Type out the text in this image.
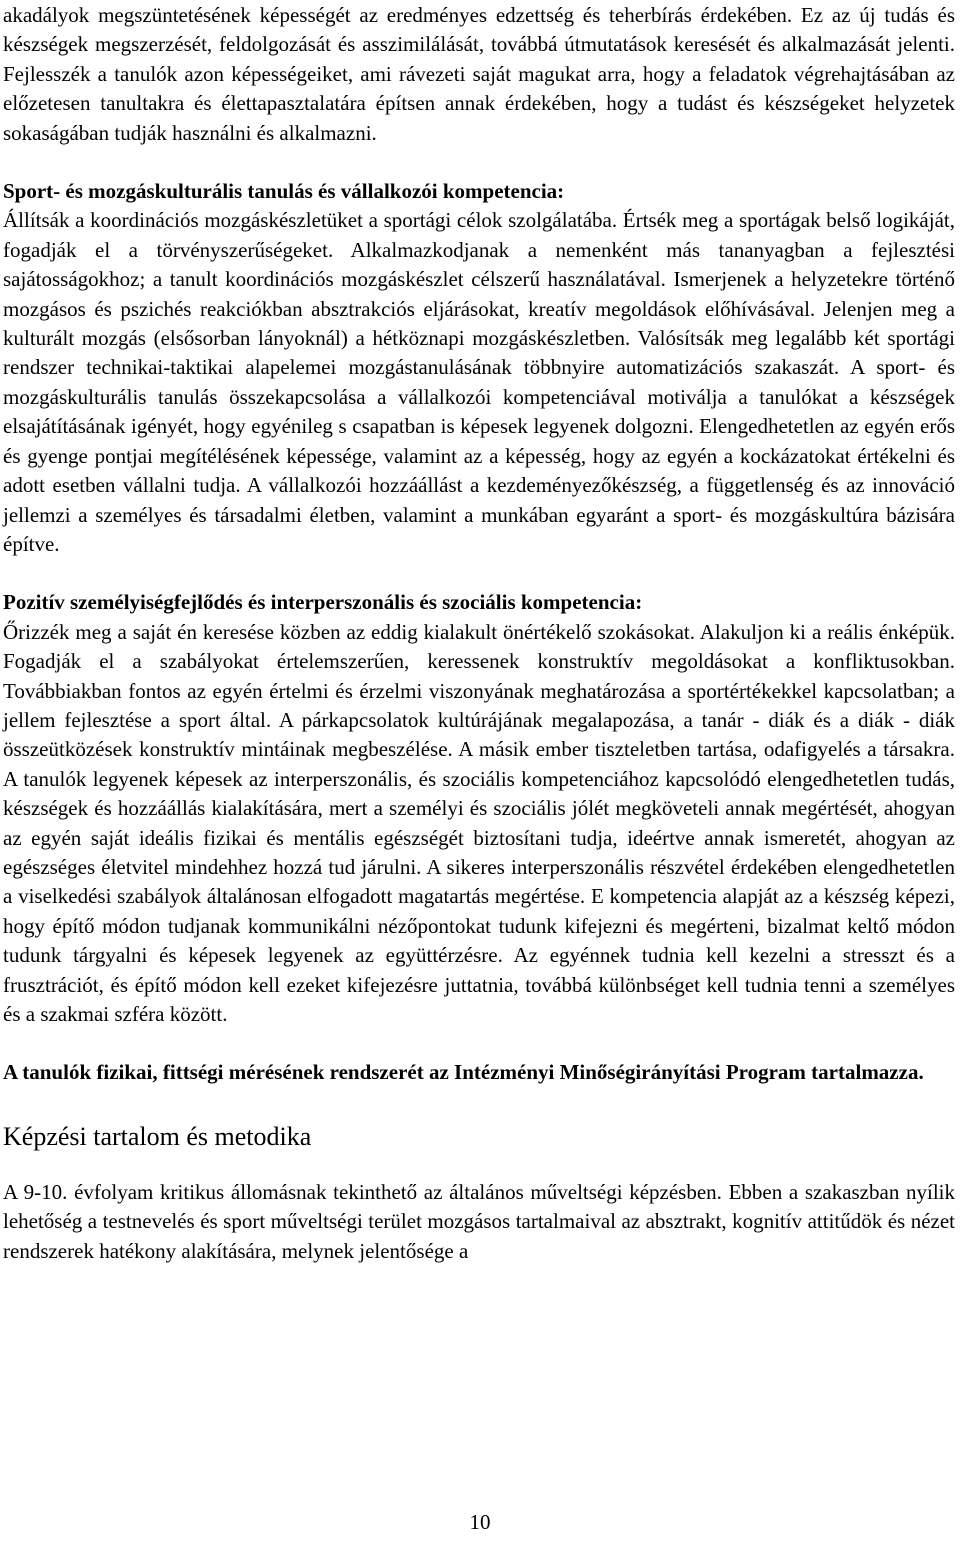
akadályok megszüntetésének képességét az eredményes edzettség és teherbírás érdekében. Ez az új tudás és készségek megszerzését, feldolgozását és asszimilálását, továbbá útmutatások keresését és alkalmazását jelenti. Fejlesszék a tanulók azon képességeiket, ami rávezeti saját magukat arra, hogy a feladatok végrehajtásában az előzetesen tanultakra és élettapasztalatára építsen annak érdekében, hogy a tudást és készségeket helyzetek sokaságában tudják használni és alkalmazni.

Sport- és mozgáskulturális tanulás és vállalkozói kompetencia:

Állítsák a koordinációs mozgáskészletüket a sportági célok szolgálatába. Értsék meg a sportágak belső logikáját, fogadják el a törvényszerűségeket. Alkalmazkodjanak a nemenként más tananyagban a fejlesztési sajátosságokhoz; a tanult koordinációs mozgáskészlet célszerű használatával. Ismerjenek a helyzetekre történő mozgásos és pszichés reakciókban absztrakciós eljárásokat, kreatív megoldások előhívásával. Jelenjen meg a kulturált mozgás (elsősorban lányoknál) a hétköznapi mozgáskészletben. Valósítsák meg legalább két sportági rendszer technikai-taktikai alapelemei mozgástanulásának többnyire automatizációs szakaszát. A sport- és mozgáskulturális tanulás összekapcsolása a vállalkozói kompetenciával motiválja a tanulókat a készségek elsajátításának igényét, hogy egyénileg s csapatban is képesek legyenek dolgozni. Elengedhetetlen az egyén erős és gyenge pontjai megítélésének képessége, valamint az a képesség, hogy az egyén a kockázatokat értékelni és adott esetben vállalni tudja. A vállalkozói hozzáállást a kezdeményezőkészség, a függetlenség és az innováció jellemzi a személyes és társadalmi életben, valamint a munkában egyaránt a sport- és mozgáskultúra bázisára építve.

Pozitív személyiségfejlődés és interperszonális és szociális kompetencia:

Őrizzék meg a saját én keresése közben az eddig kialakult önértékelő szokásokat. Alakuljon ki a reális énképük. Fogadják el a szabályokat értelemszerűen, keressenek konstruktív megoldásokat a konfliktusokban. Továbbiakban fontos az egyén értelmi és érzelmi viszonyának meghatározása a sportértékekkel kapcsolatban; a jellem fejlesztése a sport által. A párkapcsolatok kultúrájának megalapozása, a tanár - diák és a diák - diák összeütközések konstruktív mintáinak megbeszélése. A másik ember tiszteletben tartása, odafigyelés a társakra. A tanulók legyenek képesek az interperszonális, és szociális kompetenciához kapcsolódó elengedhetetlen tudás, készségek és hozzáállás kialakítására, mert a személyi és szociális jólét megköveteli annak megértését, ahogyan az egyén saját ideális fizikai és mentális egészségét biztosítani tudja, ideértve annak ismeretét, ahogyan az egészséges életvitel mindehhez hozzá tud járulni. A sikeres interperszonális részvétel érdekében elengedhetetlen a viselkedési szabályok általánosan elfogadott magatartás megértése. E kompetencia alapját az a készség képezi, hogy építő módon tudjanak kommunikálni nézőpontokat tudunk kifejezni és megérteni, bizalmat keltő módon tudunk tárgyalni és képesek legyenek az együttérzésre. Az egyénnek tudnia kell kezelni a stresszt és a frusztrációt, és építő módon kell ezeket kifejezésre juttatnia, továbbá különbséget kell tudnia tenni a személyes és a szakmai szféra között.

A tanulók fizikai, fittségi mérésének rendszerét az Intézményi Minőségirányítási Program tartalmazza.

Képzési tartalom és metodika

A 9-10. évfolyam kritikus állomásnak tekinthető az általános műveltségi képzésben. Ebben a szakaszban nyílik lehetőség a testnevelés és sport műveltségi terület mozgásos tartalmaival az absztrakt, kognitív attitűdök és nézet rendszerek hatékony alakítására, melynek jelentősége a

10
